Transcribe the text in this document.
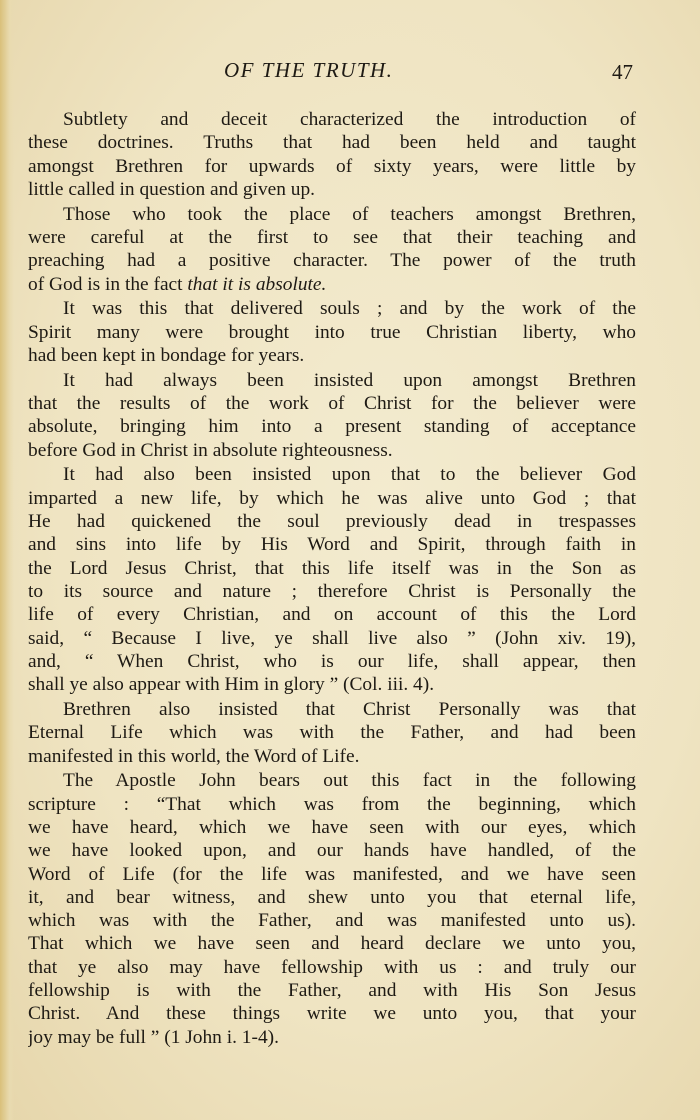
OF THE TRUTH.	47
Subtlety and deceit characterized the introduction of
these doctrines. Truths that had been held and taught
amongst Brethren for upwards of sixty years, were little by
little called in question and given up.
Those who took the place of teachers amongst Brethren,
were careful at the first to see that their teaching and
preaching had a positive character. The power of the truth
of God is in the fact that it is absolute.
It was this that delivered souls ; and by the work of the
Spirit many were brought into true Christian liberty, who
had been kept in bondage for years.
It had always been insisted upon amongst Brethren
that the results of the work of Christ for the believer were
absolute, bringing him into a present standing of acceptance
before God in Christ in absolute righteousness.
It had also been insisted upon that to the believer God
imparted a new life, by which he was alive unto God ; that
He had quickened the soul previously dead in trespasses
and sins into life by His Word and Spirit, through faith in
the Lord Jesus Christ, that this life itself was in the Son as
to its source and nature ; therefore Christ is Personally the
life of every Christian, and on account of this the Lord
said, “ Because I live, ye shall live also ” (John xiv. 19),
and, “ When Christ, who is our life, shall appear, then
shall ye also appear with Him in glory ” (Col. iii. 4).
Brethren also insisted that Christ Personally was that
Eternal Life which was with the Father, and had been
manifested in this world, the Word of Life.
The Apostle John bears out this fact in the following
scripture : “That which was from the beginning, which
we have heard, which we have seen with our eyes, which
we have looked upon, and our hands have handled, of the
Word of Life (for the life was manifested, and we have seen
it, and bear witness, and shew unto you that eternal life,
which was with the Father, and was manifested unto us).
That which we have seen and heard declare we unto you,
that ye also may have fellowship with us : and truly our
fellowship is with the Father, and with His Son Jesus
Christ. And these things write we unto you, that your
joy may be full ” (1 John i. 1-4).
